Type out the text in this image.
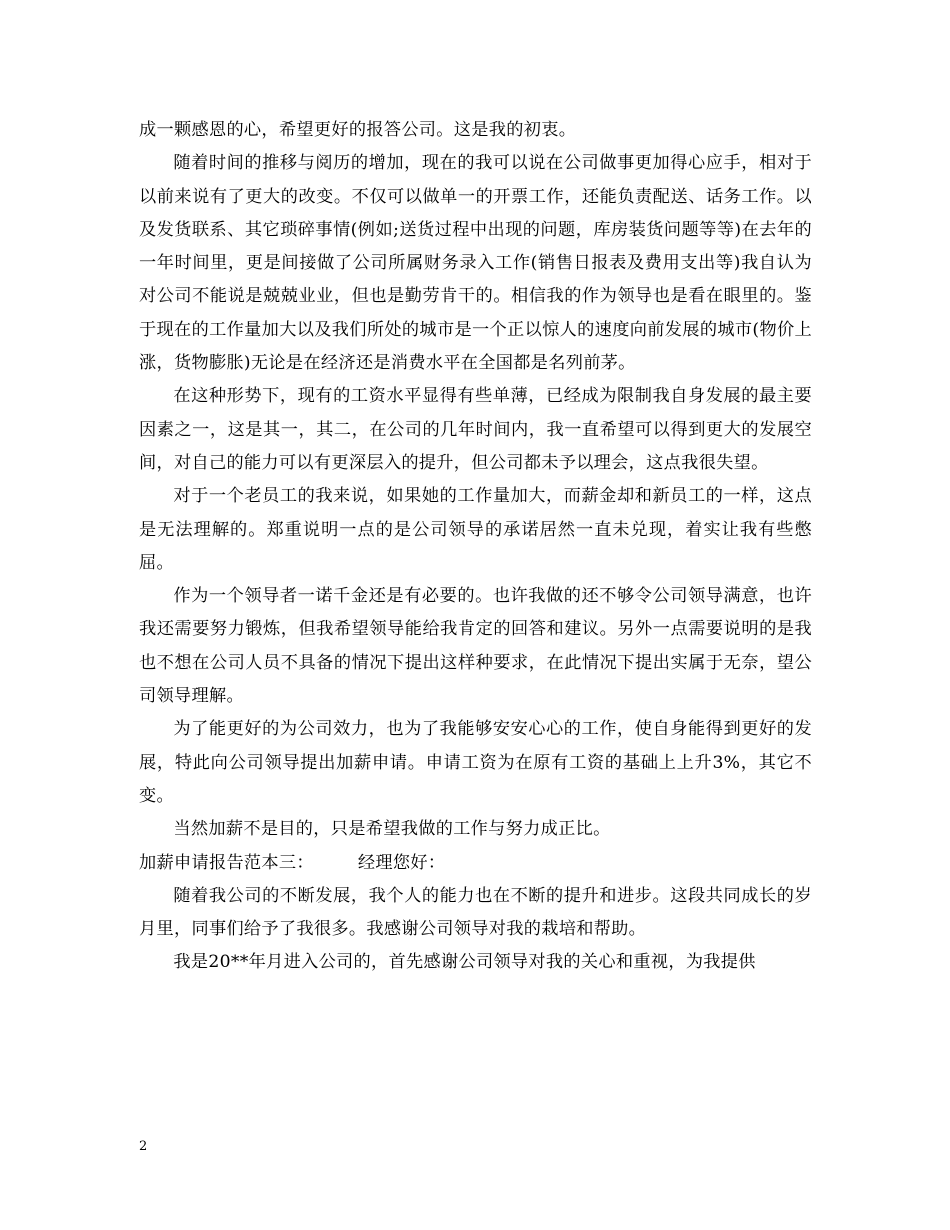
成一颗感恩的心，希望更好的报答公司。这是我的初衷。

随着时间的推移与阅历的增加，现在的我可以说在公司做事更加得心应手，相对于以前来说有了更大的改变。不仅可以做单一的开票工作，还能负责配送、话务工作。以及发货联系、其它琐碎事情(例如;送货过程中出现的问题，库房装货问题等等)在去年的一年时间里，更是间接做了公司所属财务录入工作(销售日报表及费用支出等)我自认为对公司不能说是兢兢业业，但也是勤劳肯干的。相信我的作为领导也是看在眼里的。鉴于现在的工作量加大以及我们所处的城市是一个正以惊人的速度向前发展的城市(物价上涨，货物膨胀)无论是在经济还是消费水平在全国都是名列前茅。

在这种形势下，现有的工资水平显得有些单薄，已经成为限制我自身发展的最主要因素之一，这是其一，其二，在公司的几年时间内，我一直希望可以得到更大的发展空间，对自己的能力可以有更深层入的提升，但公司都未予以理会，这点我很失望。

对于一个老员工的我来说，如果她的工作量加大，而薪金却和新员工的一样，这点是无法理解的。郑重说明一点的是公司领导的承诺居然一直未兑现，着实让我有些憋屈。

作为一个领导者一诺千金还是有必要的。也许我做的还不够令公司领导满意，也许我还需要努力锻炼，但我希望领导能给我肯定的回答和建议。另外一点需要说明的是我也不想在公司人员不具备的情况下提出这样种要求，在此情况下提出实属于无奈，望公司领导理解。

为了能更好的为公司效力，也为了我能够安安心心的工作，使自身能得到更好的发展，特此向公司领导提出加薪申请。申请工资为在原有工资的基础上上升3%，其它不变。

当然加薪不是目的，只是希望我做的工作与努力成正比。

加薪申请报告范本三：	经理您好：

随着我公司的不断发展，我个人的能力也在不断的提升和进步。这段共同成长的岁月里，同事们给予了我很多。我感谢公司领导对我的栽培和帮助。

我是20**年月进入公司的，首先感谢公司领导对我的关心和重视，为我提供

2
